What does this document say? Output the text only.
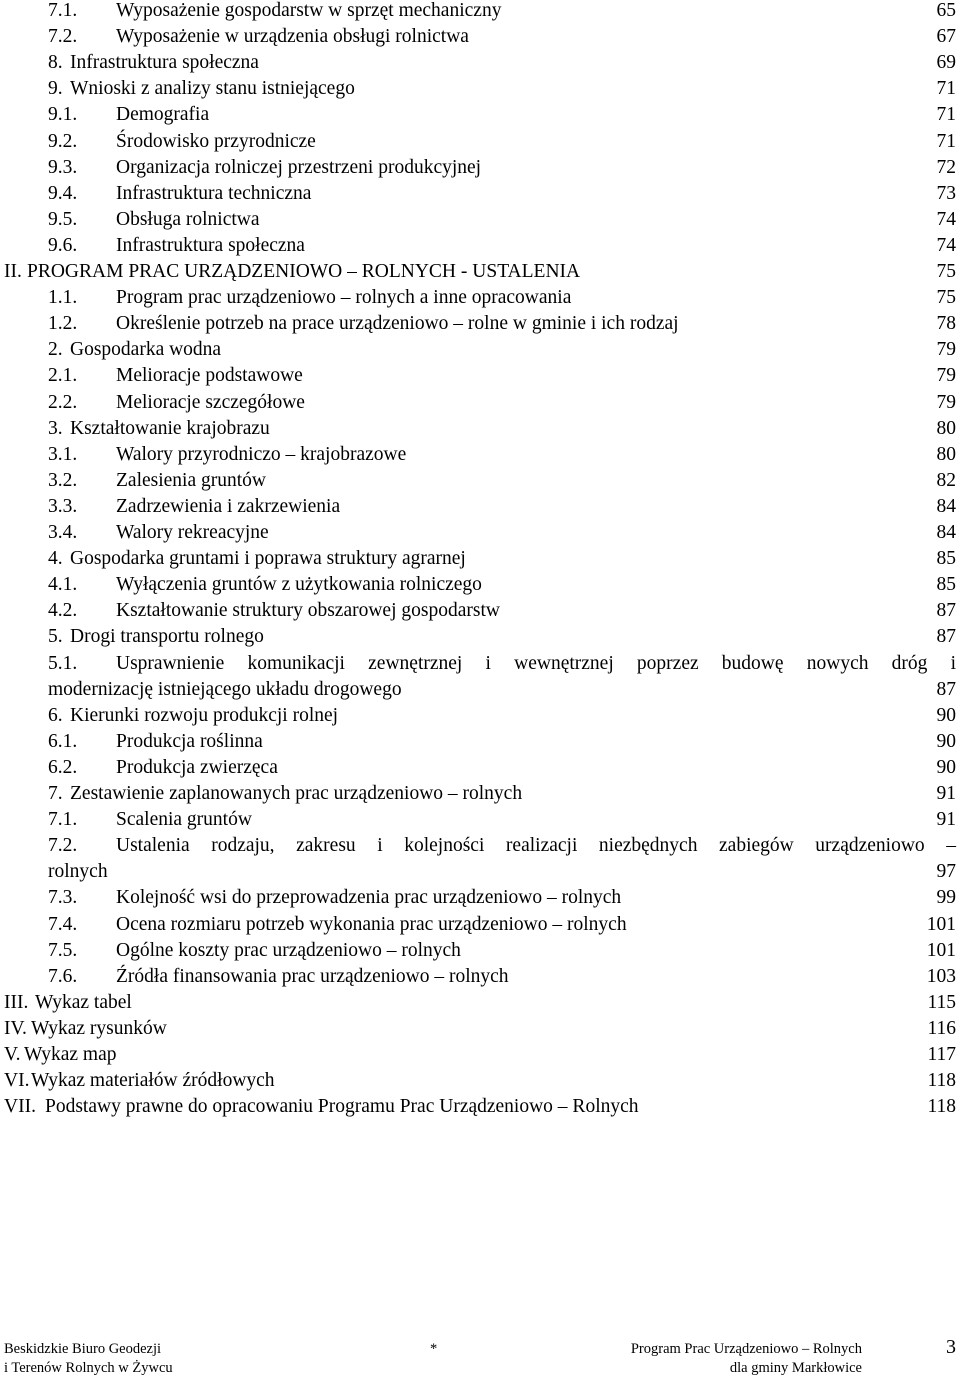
7.1. Wyposażenie gospodarstw w sprzęt mechaniczny	65
7.2. Wyposażenie w urządzenia obsługi rolnictwa	67
8. Infrastruktura społeczna	69
9. Wnioski z analizy stanu istniejącego	71
9.1. Demografia	71
9.2. Środowisko przyrodnicze	71
9.3. Organizacja rolniczej przestrzeni produkcyjnej	72
9.4. Infrastruktura techniczna	73
9.5. Obsługa rolnictwa	74
9.6. Infrastruktura społeczna	74
II. PROGRAM PRAC URZĄDZENIOWO – ROLNYCH - USTALENIA	75
1.1. Program prac urządzeniowo – rolnych a inne opracowania	75
1.2. Określenie potrzeb na prace urządzeniowo – rolne w gminie i ich rodzaj	78
2. Gospodarka wodna	79
2.1. Melioracje podstawowe	79
2.2. Melioracje szczegółowe	79
3. Kształtowanie krajobrazu	80
3.1. Walory przyrodniczo – krajobrazowe	80
3.2. Zalesienia gruntów	82
3.3. Zadrzewienia i zakrzewienia	84
3.4. Walory rekreacyjne	84
4. Gospodarka gruntami i poprawa struktury agrarnej	85
4.1. Wyłączenia gruntów z użytkowania rolniczego	85
4.2. Kształtowanie struktury obszarowej gospodarstw	87
5. Drogi transportu rolnego	87
5.1. Usprawnienie komunikacji zewnętrznej i wewnętrznej poprzez budowę nowych dróg i
modernizację istniejącego układu drogowego	87
6. Kierunki rozwoju produkcji rolnej	90
6.1. Produkcja roślinna	90
6.2. Produkcja zwierzęca	90
7. Zestawienie zaplanowanych prac urządzeniowo – rolnych	91
7.1. Scalenia gruntów	91
7.2. Ustalenia rodzaju, zakresu i kolejności realizacji niezbędnych zabiegów urządzeniowo –
rolnych	97
7.3. Kolejność wsi do przeprowadzenia prac urządzeniowo – rolnych	99
7.4. Ocena rozmiaru potrzeb wykonania prac urządzeniowo – rolnych	101
7.5. Ogólne koszty prac urządzeniowo – rolnych	101
7.6. Źródła finansowania prac urządzeniowo – rolnych	103
III. Wykaz tabel	115
IV. Wykaz rysunków	116
V. Wykaz map	117
VI. Wykaz materiałów źródłowych	118
VII. Podstawy prawne do opracowaniu Programu Prac Urządzeniowo – Rolnych	118
Beskidzkie Biuro Geodezji
i Terenów Rolnych w Żywcu
*	Program Prac Urządzeniowo – Rolnych
dla gminy Markłowice
3
